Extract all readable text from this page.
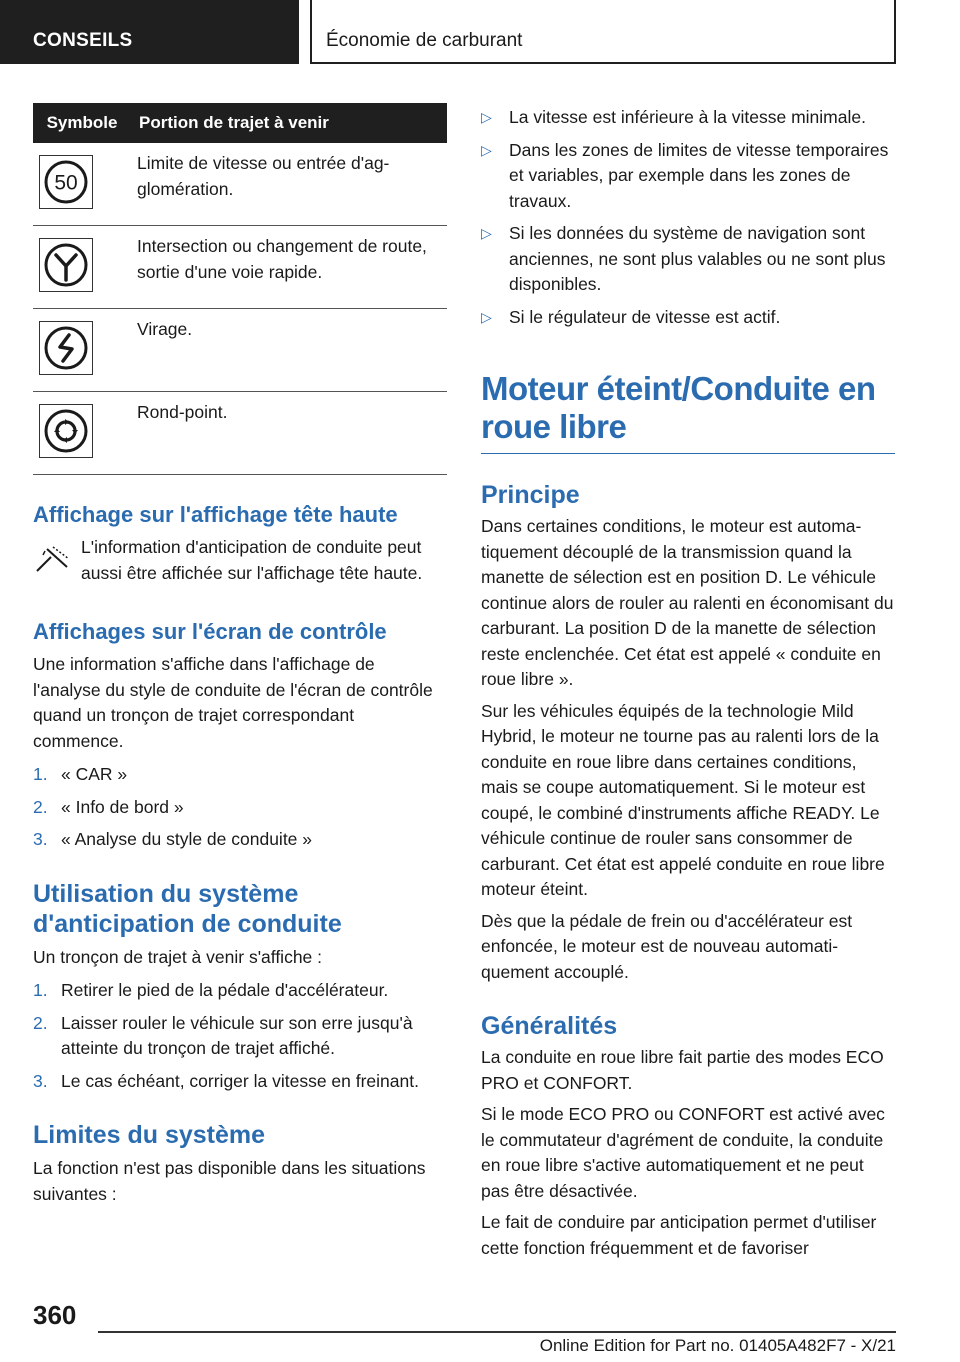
CONSEILS	Économie de carburant
Symbole	Portion de trajet à venir

50	Limite de vitesse ou entrée d'agglomération.

	Intersection ou changement de route, sortie d'une voie rapide.

	Virage.

	Rond-point.
Affichage sur l'affichage tête haute

L'information d'anticipation de conduite peut aussi être affichée sur l'affichage tête haute.

Affichages sur l'écran de contrôle

Une information s'affiche dans l'affichage de l'analyse du style de conduite de l'écran de contrôle quand un tronçon de trajet correspondant commence.

1. « CAR »
2. « Info de bord »
3. « Analyse du style de conduite »
Utilisation du système d'anticipation de conduite

Un tronçon de trajet à venir s'affiche :

1. Retirer le pied de la pédale d'accélérateur.
2. Laisser rouler le véhicule sur son erre jusqu'à atteinte du tronçon de trajet affiché.
3. Le cas échéant, corriger la vitesse en freinant.
Limites du système

La fonction n'est pas disponible dans les situations suivantes :

▷ La vitesse est inférieure à la vitesse minimale.
▷ Dans les zones de limites de vitesse temporaires et variables, par exemple dans les zones de travaux.
▷ Si les données du système de navigation sont anciennes, ne sont plus valables ou ne sont plus disponibles.
▷ Si le régulateur de vitesse est actif.
Moteur éteint/Conduite en roue libre
Principe

Dans certaines conditions, le moteur est automatiquement découplé de la transmission quand la manette de sélection est en position D. Le véhicule continue alors de rouler au ralenti en économisant du carburant. La position D de la manette de sélection reste enclenchée. Cet état est appelé « conduite en roue libre ».

Sur les véhicules équipés de la technologie Mild Hybrid, le moteur ne tourne pas au ralenti lors de la conduite en roue libre dans certaines conditions, mais se coupe automatiquement. Si le moteur est coupé, le combiné d'instruments affiche READY. Le véhicule continue de rouler sans consommer de carburant. Cet état est appelé conduite en roue libre moteur éteint.

Dès que la pédale de frein ou d'accélérateur est enfoncée, le moteur est de nouveau automatiquement accouplé.

Généralités

La conduite en roue libre fait partie des modes ECO PRO et CONFORT.

Si le mode ECO PRO ou CONFORT est activé avec le commutateur d'agrément de conduite, la conduite en roue libre s'active automatiquement et ne peut pas être désactivée.

Le fait de conduire par anticipation permet d'utiliser cette fonction fréquemment et de favoriser

360
Online Edition for Part no. 01405A482F7 - X/21
